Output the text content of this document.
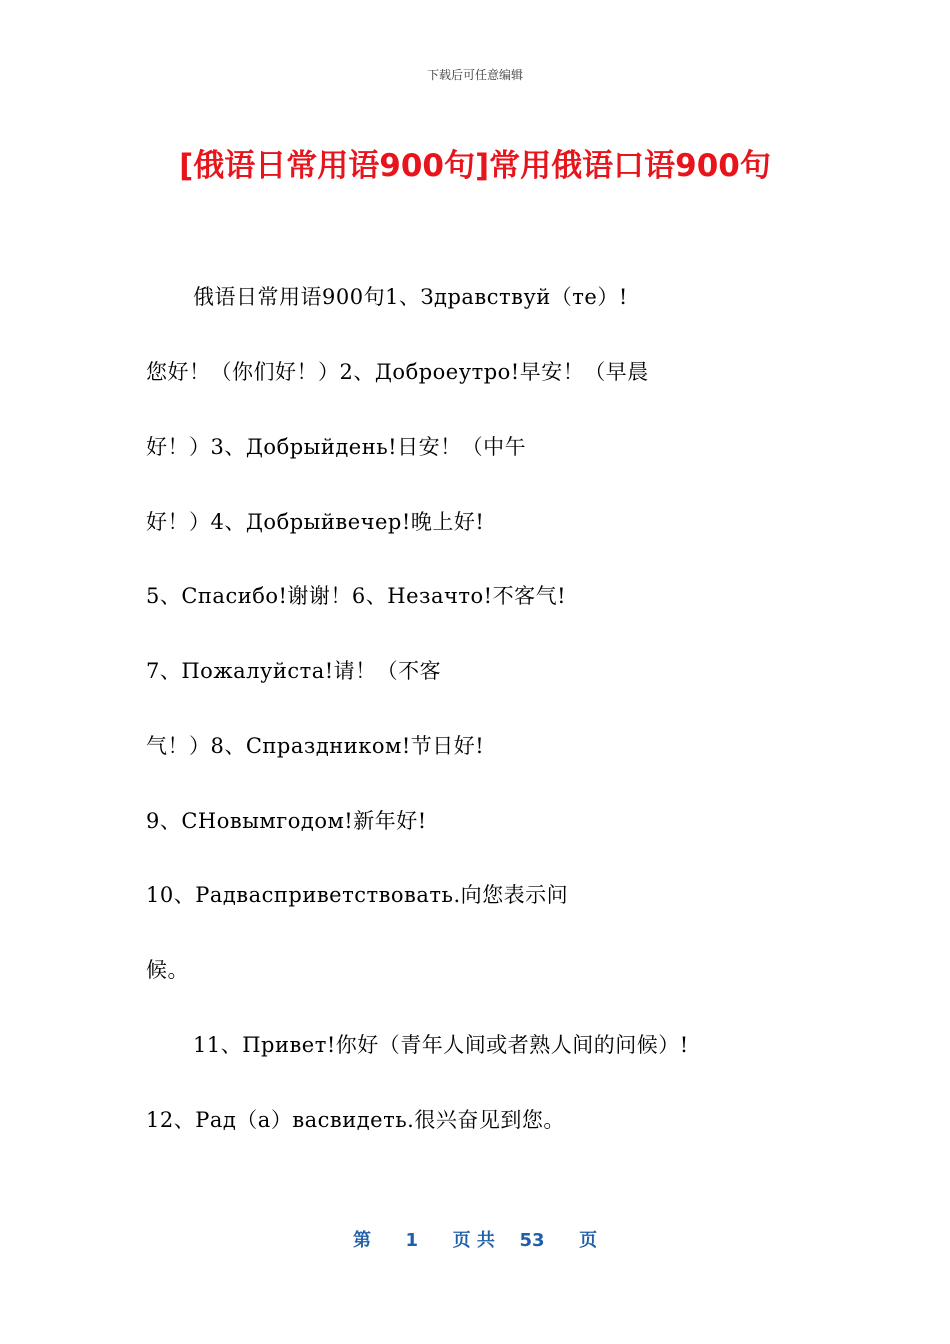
下载后可任意编辑
[俄语日常用语900句]常用俄语口语900句
俄语日常用语900句1、Здравствуй（те）!
您好！（你们好！）2、Доброеутро!早安！（早晨
好！）3、Добрыйдень!日安！（中午
好！）4、Добрыйвечер!晚上好!
5、Спасибо!谢谢！6、Незачто!不客气!
7、Пожалуйста!请！（不客
气！）8、Спраздником!节日好!
9、СНовымгодом!新年好!
10、Радвасприветствовать.向您表示问
候。
11、Привет!你好（青年人间或者熟人间的问候）!
12、Рад（а）васвидеть.很兴奋见到您。
第 1 页 共 53 页
